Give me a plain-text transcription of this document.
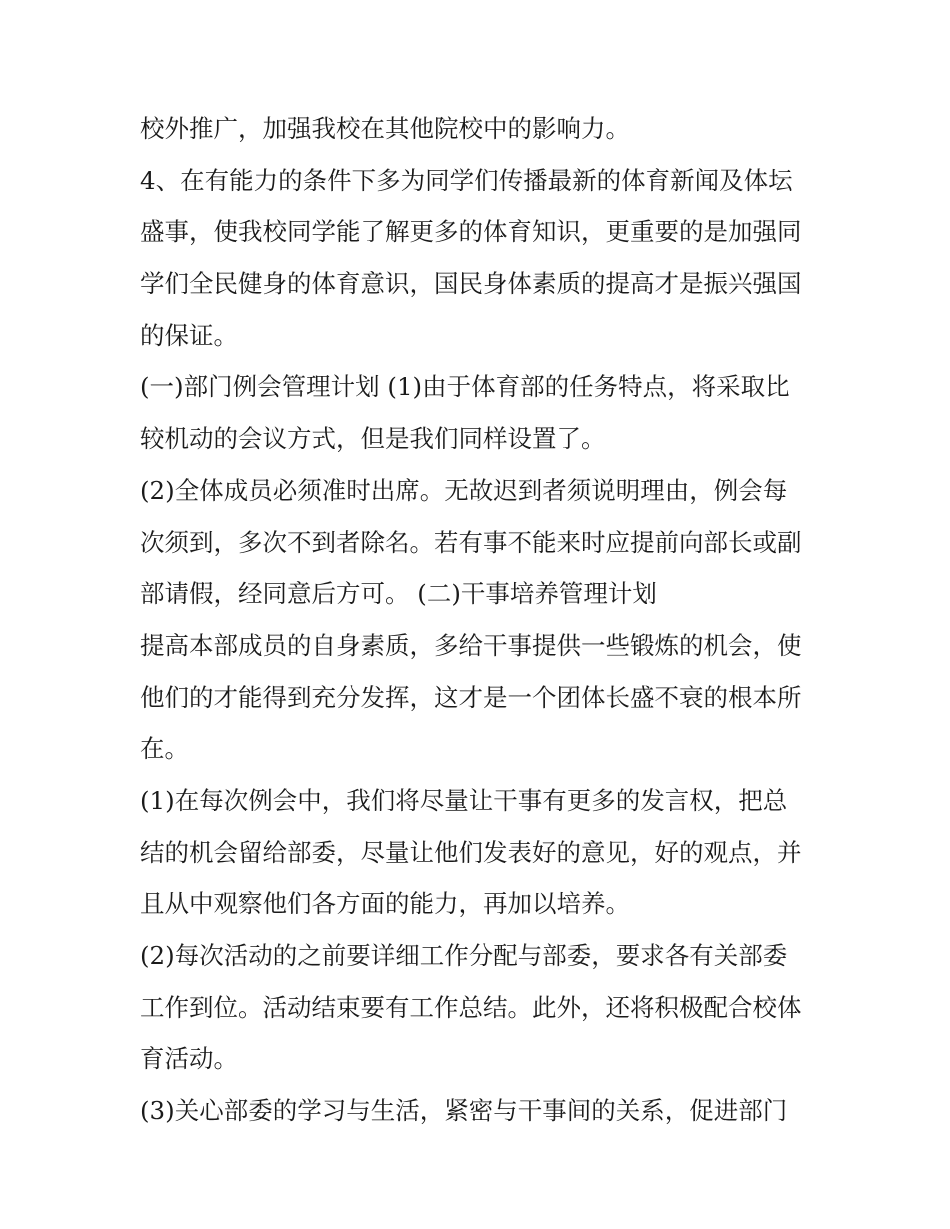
校外推广，加强我校在其他院校中的影响力。
4、在有能力的条件下多为同学们传播最新的体育新闻及体坛
盛事，使我校同学能了解更多的体育知识，更重要的是加强同
学们全民健身的体育意识，国民身体素质的提高才是振兴强国
的保证。
(一)部门例会管理计划 (1)由于体育部的任务特点，将采取比
较机动的会议方式，但是我们同样设置了。
(2)全体成员必须准时出席。无故迟到者须说明理由，例会每
次须到，多次不到者除名。若有事不能来时应提前向部长或副
部请假，经同意后方可。 (二)干事培养管理计划
提高本部成员的自身素质，多给干事提供一些锻炼的机会，使
他们的才能得到充分发挥，这才是一个团体长盛不衰的根本所
在。
(1)在每次例会中，我们将尽量让干事有更多的发言权，把总
结的机会留给部委，尽量让他们发表好的意见，好的观点，并
且从中观察他们各方面的能力，再加以培养。
(2)每次活动的之前要详细工作分配与部委，要求各有关部委
工作到位。活动结束要有工作总结。此外，还将积极配合校体
育活动。
(3)关心部委的学习与生活，紧密与干事间的关系，促进部门
